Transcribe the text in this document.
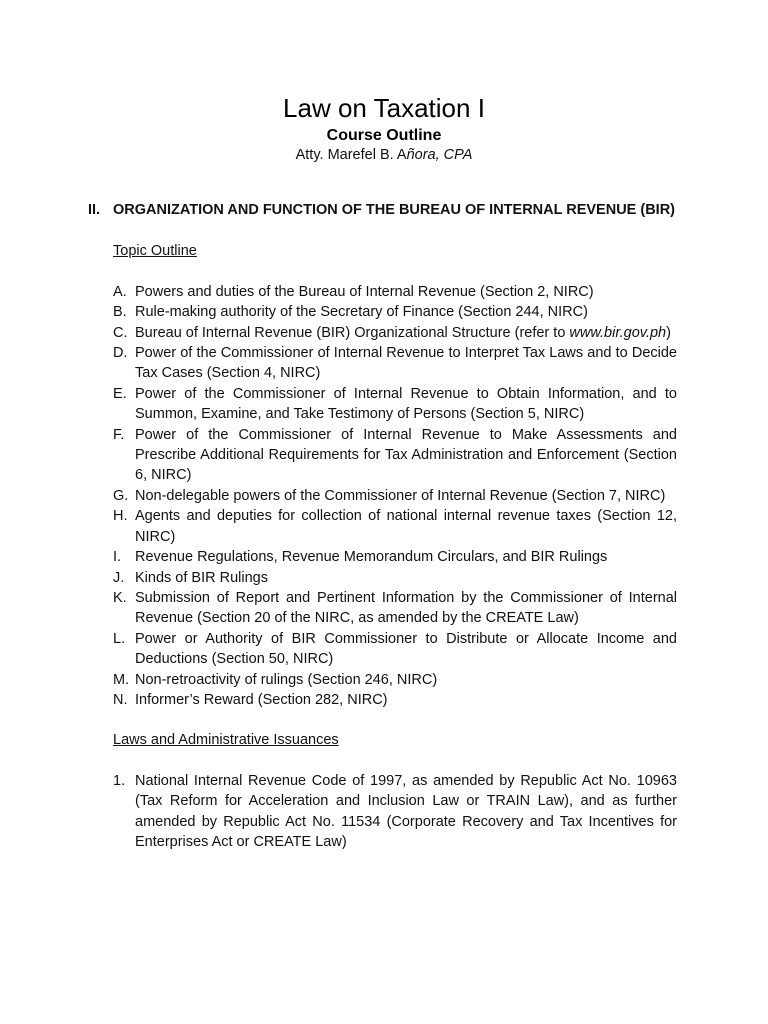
Law on Taxation I
Course Outline
Atty. Marefel B. Añora, CPA
II. ORGANIZATION AND FUNCTION OF THE BUREAU OF INTERNAL REVENUE (BIR)
Topic Outline
A. Powers and duties of the Bureau of Internal Revenue (Section 2, NIRC)
B. Rule-making authority of the Secretary of Finance (Section 244, NIRC)
C. Bureau of Internal Revenue (BIR) Organizational Structure (refer to www.bir.gov.ph)
D. Power of the Commissioner of Internal Revenue to Interpret Tax Laws and to Decide Tax Cases (Section 4, NIRC)
E. Power of the Commissioner of Internal Revenue to Obtain Information, and to Summon, Examine, and Take Testimony of Persons (Section 5, NIRC)
F. Power of the Commissioner of Internal Revenue to Make Assessments and Prescribe Additional Requirements for Tax Administration and Enforcement (Section 6, NIRC)
G. Non-delegable powers of the Commissioner of Internal Revenue (Section 7, NIRC)
H. Agents and deputies for collection of national internal revenue taxes (Section 12, NIRC)
I. Revenue Regulations, Revenue Memorandum Circulars, and BIR Rulings
J. Kinds of BIR Rulings
K. Submission of Report and Pertinent Information by the Commissioner of Internal Revenue (Section 20 of the NIRC, as amended by the CREATE Law)
L. Power or Authority of BIR Commissioner to Distribute or Allocate Income and Deductions (Section 50, NIRC)
M. Non-retroactivity of rulings (Section 246, NIRC)
N. Informer’s Reward (Section 282, NIRC)
Laws and Administrative Issuances
1. National Internal Revenue Code of 1997, as amended by Republic Act No. 10963 (Tax Reform for Acceleration and Inclusion Law or TRAIN Law), and as further amended by Republic Act No. 11534 (Corporate Recovery and Tax Incentives for Enterprises Act or CREATE Law)
